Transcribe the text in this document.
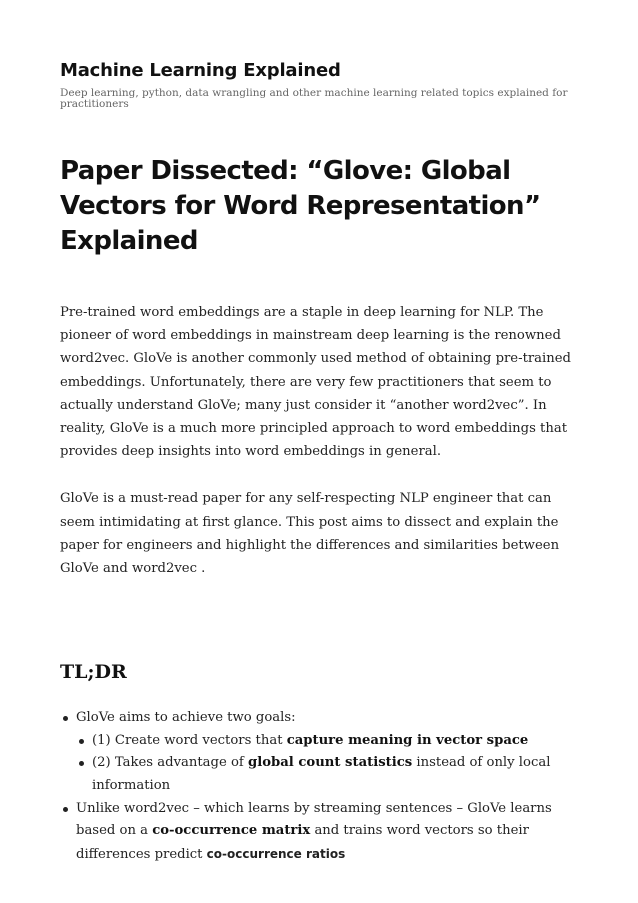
Machine Learning Explained

Deep learning, python, data wrangling and other machine learning related topics explained for practitioners

Paper Dissected: “Glove: Global Vectors for Word Representation” Explained

Pre-trained word embeddings are a staple in deep learning for NLP. The pioneer of word embeddings in mainstream deep learning is the renowned word2vec. GloVe is another commonly used method of obtaining pre-trained embeddings. Unfortunately, there are very few practitioners that seem to actually understand GloVe; many just consider it “another word2vec”. In reality, GloVe is a much more principled approach to word embeddings that provides deep insights into word embeddings in general.

GloVe is a must-read paper for any self-respecting NLP engineer that can seem intimidating at first glance. This post aims to dissect and explain the paper for engineers and highlight the differences and similarities between GloVe and word2vec .

TL;DR
GloVe aims to achieve two goals:
(1) Create word vectors that capture meaning in vector space
(2) Takes advantage of global count statistics instead of only local information
Unlike word2vec – which learns by streaming sentences – GloVe learns based on a co-occurrence matrix and trains word vectors so their differences predict co-occurrence ratios
